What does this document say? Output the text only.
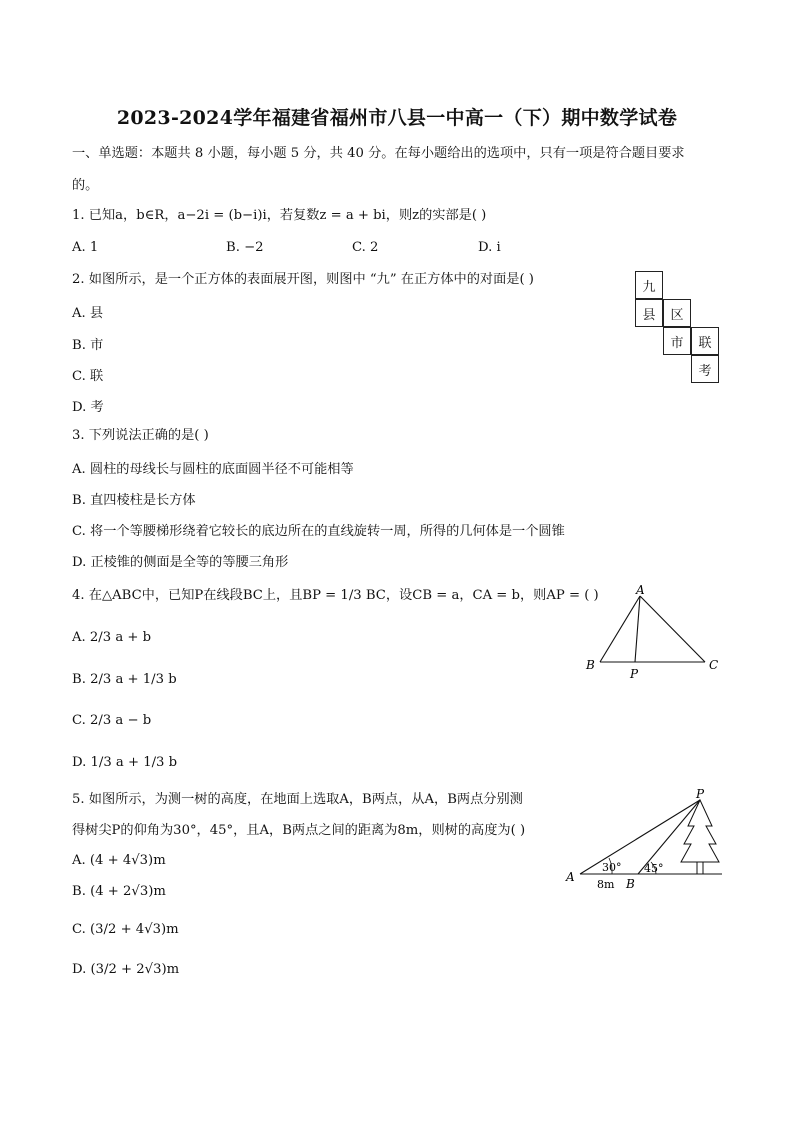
2023-2024学年福建省福州市八县一中高一（下）期中数学试卷
一、单选题：本题共 8 小题，每小题 5 分，共 40 分。在每小题给出的选项中，只有一项是符合题目要求
的。
1. 已知a，b∈R，a−2i = (b−i)i，若复数z = a + bi，则z的实部是( )
A. 1	B. −2	C. 2	D. i
2. 如图所示，是一个正方体的表面展开图，则图中 “九” 在正方体中的对面是( )
A. 县
B. 市
C. 联
D. 考
九
县	区
市	联
考
3. 下列说法正确的是( )
A. 圆柱的母线长与圆柱的底面圆半径不可能相等
B. 直四棱柱是长方体
C. 将一个等腰梯形绕着它较长的底边所在的直线旋转一周，所得的几何体是一个圆锥
D. 正棱锥的侧面是全等的等腰三角形
4. 在△ABC中，已知P在线段BC上，且BP = 1/3 BC，设CB = a，CA = b，则AP = ( )
A. 2/3 a + b
B. 2/3 a + 1/3 b
C. 2/3 a − b
D. 1/3 a + 1/3 b
A
B	C
P
5. 如图所示，为测一树的高度，在地面上选取A，B两点，从A，B两点分别测
得树尖P的仰角为30°，45°，且A，B两点之间的距离为8m，则树的高度为( )
A. (4 + 4√3)m
B. (4 + 2√3)m
C. (3/2 + 4√3)m
D. (3/2 + 2√3)m
P
A	B
30° 45°
8m
